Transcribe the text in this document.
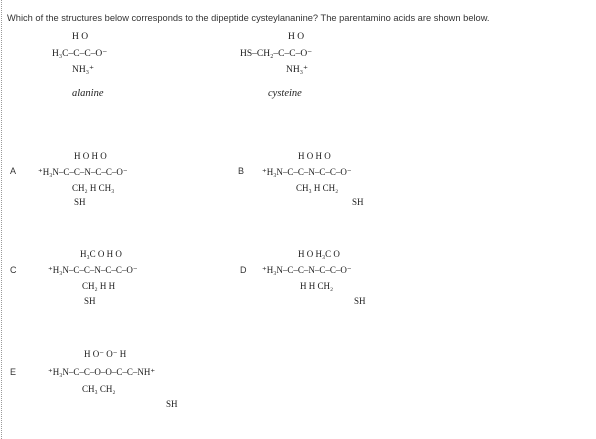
Which of the structures below corresponds to the dipeptide cysteylananine? The parentamino acids are shown below.
H O
H₃C–C–C–O⁻
NH₃⁺
alanine
H O
HS–CH₂–C–C–O⁻
NH₃⁺
cysteine
A
H O H O
⁺H₃N–C–C–N–C–C–O⁻
CH₂ H CH₃
SH
B
H O H O
⁺H₃N–C–C–N–C–C–O⁻
CH₃ H CH₂
SH
C
H₃C O H O
⁺H₃N–C–C–N–C–C–O⁻
CH₂ H H
SH
D
H O H₃C O
⁺H₃N–C–C–N–C–C–O⁻
H H CH₂
SH
E
H O⁻ O⁻ H
⁺H₃N–C–C–O–O–C–C–NH⁺
CH₃ CH₂
SH
